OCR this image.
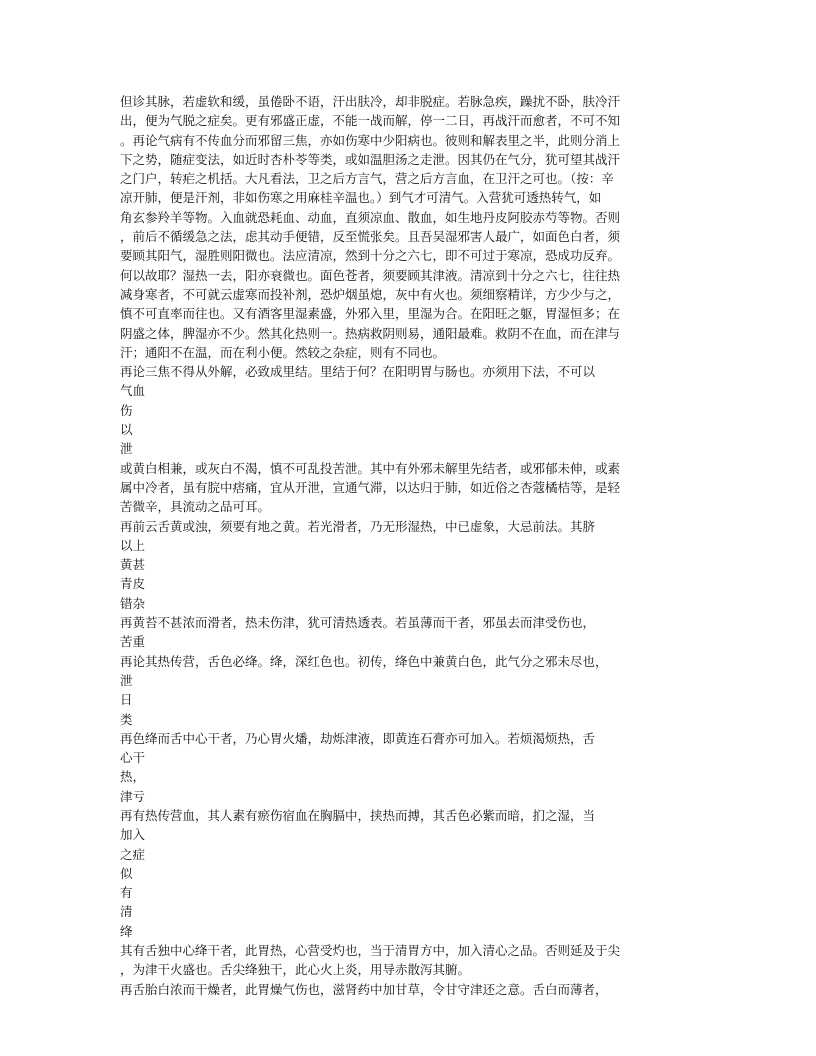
但诊其脉，若虚软和缓，虽倦卧不语，汗出肤冷，却非脱症。若脉急疾，躁扰不卧，肤冷汗
出，便为气脱之症矣。更有邪盛正虚，不能一战而解，停一二日，再战汗而愈者，不可不知
。再论气病有不传血分而邪留三焦，亦如伤寒中少阳病也。彼则和解表里之半，此则分消上
下之势，随症变法，如近时杏朴苓等类，或如温胆汤之走泄。因其仍在气分，犹可望其战汗
之门户，转疟之机括。大凡看法，卫之后方言气，营之后方言血，在卫汗之可也。（按：辛
凉开肺，便是汗剂，非如伤寒之用麻桂辛温也。）到气才可清气。入营犹可透热转气，如
角玄参羚羊等物。入血就恐耗血、动血，直须凉血、散血，如生地丹皮阿胶赤芍等物。否则
，前后不循缓急之法，虑其动手便错，反至慌张矣。且吾吴湿邪害人最广，如面色白者，须
要顾其阳气，湿胜则阳微也。法应清凉，然到十分之六七，即不可过于寒凉，恐成功反弃。
何以故耶？湿热一去，阳亦衰微也。面色苍者，须要顾其津液。清凉到十分之六七，往往热
减身寒者，不可就云虚寒而投补剂，恐炉烟虽熄，灰中有火也。须细察精详，方少少与之，
慎不可直率而往也。又有酒客里湿素盛，外邪入里，里湿为合。在阳旺之躯，胃湿恒多；在
阴盛之体，脾湿亦不少。然其化热则一。热病救阴则易，通阳最难。救阴不在血，而在津与
汗；通阳不在温，而在利小便。然较之杂症，则有不同也。
再论三焦不得从外解，必致成里结。里结于何？在阳明胃与肠也。亦须用下法，不可以
气血
伤
以
泄
或黄白相兼，或灰白不渴，慎不可乱投苦泄。其中有外邪未解里先结者，或邪郁未伸，或素
属中冷者，虽有脘中痞痛，宜从开泄，宣通气滞，以达归于肺，如近俗之杏蔻橘桔等，是轻
苦微辛，具流动之品可耳。
再前云舌黄或浊，须要有地之黄。若光滑者，乃无形湿热，中已虚象，大忌前法。其脐
以上
黄甚
青皮
错杂
再黄苔不甚浓而滑者，热未伤津，犹可清热透表。若虽薄而干者，邪虽去而津受伤也，
苦重
再论其热传营，舌色必绛。绛，深红色也。初传，绛色中兼黄白色，此气分之邪未尽也，
泄
日
类
再色绛而舌中心干者，乃心胃火燔，劫烁津液，即黄连石膏亦可加入。若烦渴烦热，舌
心干
热，
津亏
再有热传营血，其人素有瘀伤宿血在胸膈中，挟热而搏，其舌色必紫而暗，扪之湿，当
加入
之症
似
有
清
绛
其有舌独中心绛干者，此胃热，心营受灼也，当于清胃方中，加入清心之品。否则延及于尖
，为津干火盛也。舌尖绛独干，此心火上炎，用导赤散泻其腑。
再舌胎白浓而干燥者，此胃燥气伤也，滋肾药中加甘草，令甘守津还之意。舌白而薄者，
